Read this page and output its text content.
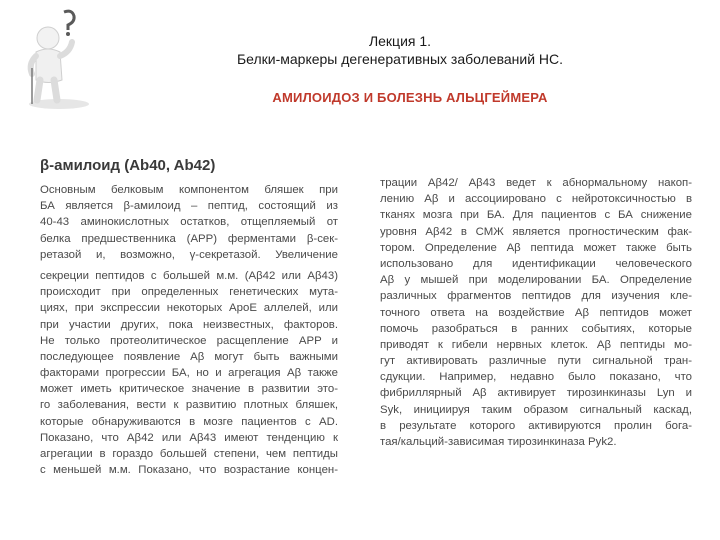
Лекция 1.
Белки-маркеры дегенеративных заболеваний НС.
АМИЛОИДОЗ И БОЛЕЗНЬ АЛЬЦГЕЙМЕРА
β-амилоид (Ab40, Ab42)
Основным белковым компонентом бляшек при
БА является β-амилоид – пептид, состоящий из
40-43 аминокислотных остатков, отщепляемый от
белка предшественника (APP) ферментами β-сек-
ретазой и, возможно, γ-секретазой. Увеличение
секреции пептидов с большей м.м. (Aβ42 или Aβ43)
происходит при определенных генетических мута-
циях, при экспрессии некоторых АроЕ аллелей, или
при участии других, пока неизвестных, факторов.
Не только протеолитическое расщепление APP и
последующее появление Aβ могут быть важными
факторами прогрессии БА, но и агрегация Aβ также
может иметь критическое значение в развитии это-
го заболевания, вести к развитию плотных бляшек,
которые обнаруживаются в мозге пациентов с AD.
Показано, что Aβ42 или Aβ43 имеют тенденцию к
агрегации в гораздо большей степени, чем пептиды
с меньшей м.м. Показано, что возрастание концен-
трации Aβ42/ Aβ43 ведет к абнормальному накоп-
лению Aβ и ассоциировано с нейротоксичностью в
тканях мозга при БА. Для пациентов с БА снижение
уровня Aβ42 в СМЖ является прогностическим фак-
тором. Определение Aβ пептида может также быть
использовано для идентификации человеческого
Aβ у мышей при моделировании БА. Определение
различных фрагментов пептидов для изучения кле-
точного ответа на воздействие Aβ пептидов может
помочь разобраться в ранних событиях, которые
приводят к гибели нервных клеток. Aβ пептиды мо-
гут активировать различные пути сигнальной тран-
сдукции. Например, недавно было показано, что
фибриллярный Aβ активирует тирозинкиназы Lyn и
Syk, инициируя таким образом сигнальный каскад,
в результате которого активируются пролин бога-
тая/кальций-зависимая тирозинкиназа Pyk2.
